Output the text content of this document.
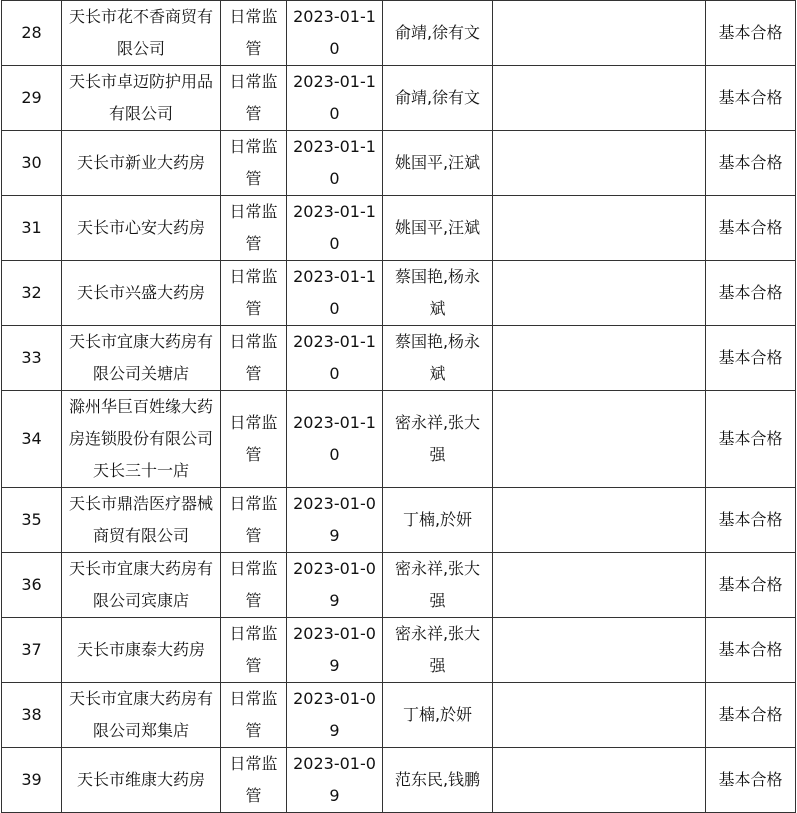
28	天长市花不香商贸有限公司	日常监管	2023-01-10	俞靖,徐有文		基本合格
29	天长市卓迈防护用品有限公司	日常监管	2023-01-10	俞靖,徐有文		基本合格
30	天长市新业大药房	日常监管	2023-01-10	姚国平,汪斌		基本合格
31	天长市心安大药房	日常监管	2023-01-10	姚国平,汪斌		基本合格
32	天长市兴盛大药房	日常监管	2023-01-10	蔡国艳,杨永斌		基本合格
33	天长市宜康大药房有限公司关塘店	日常监管	2023-01-10	蔡国艳,杨永斌		基本合格
34	滁州华巨百姓缘大药房连锁股份有限公司天长三十一店	日常监管	2023-01-10	密永祥,张大强		基本合格
35	天长市鼎浩医疗器械商贸有限公司	日常监管	2023-01-09	丁楠,於妍		基本合格
36	天长市宜康大药房有限公司宾康店	日常监管	2023-01-09	密永祥,张大强		基本合格
37	天长市康泰大药房	日常监管	2023-01-09	密永祥,张大强		基本合格
38	天长市宜康大药房有限公司郑集店	日常监管	2023-01-09	丁楠,於妍		基本合格
39	天长市维康大药房	日常监管	2023-01-09	范东民,钱鹏		基本合格
